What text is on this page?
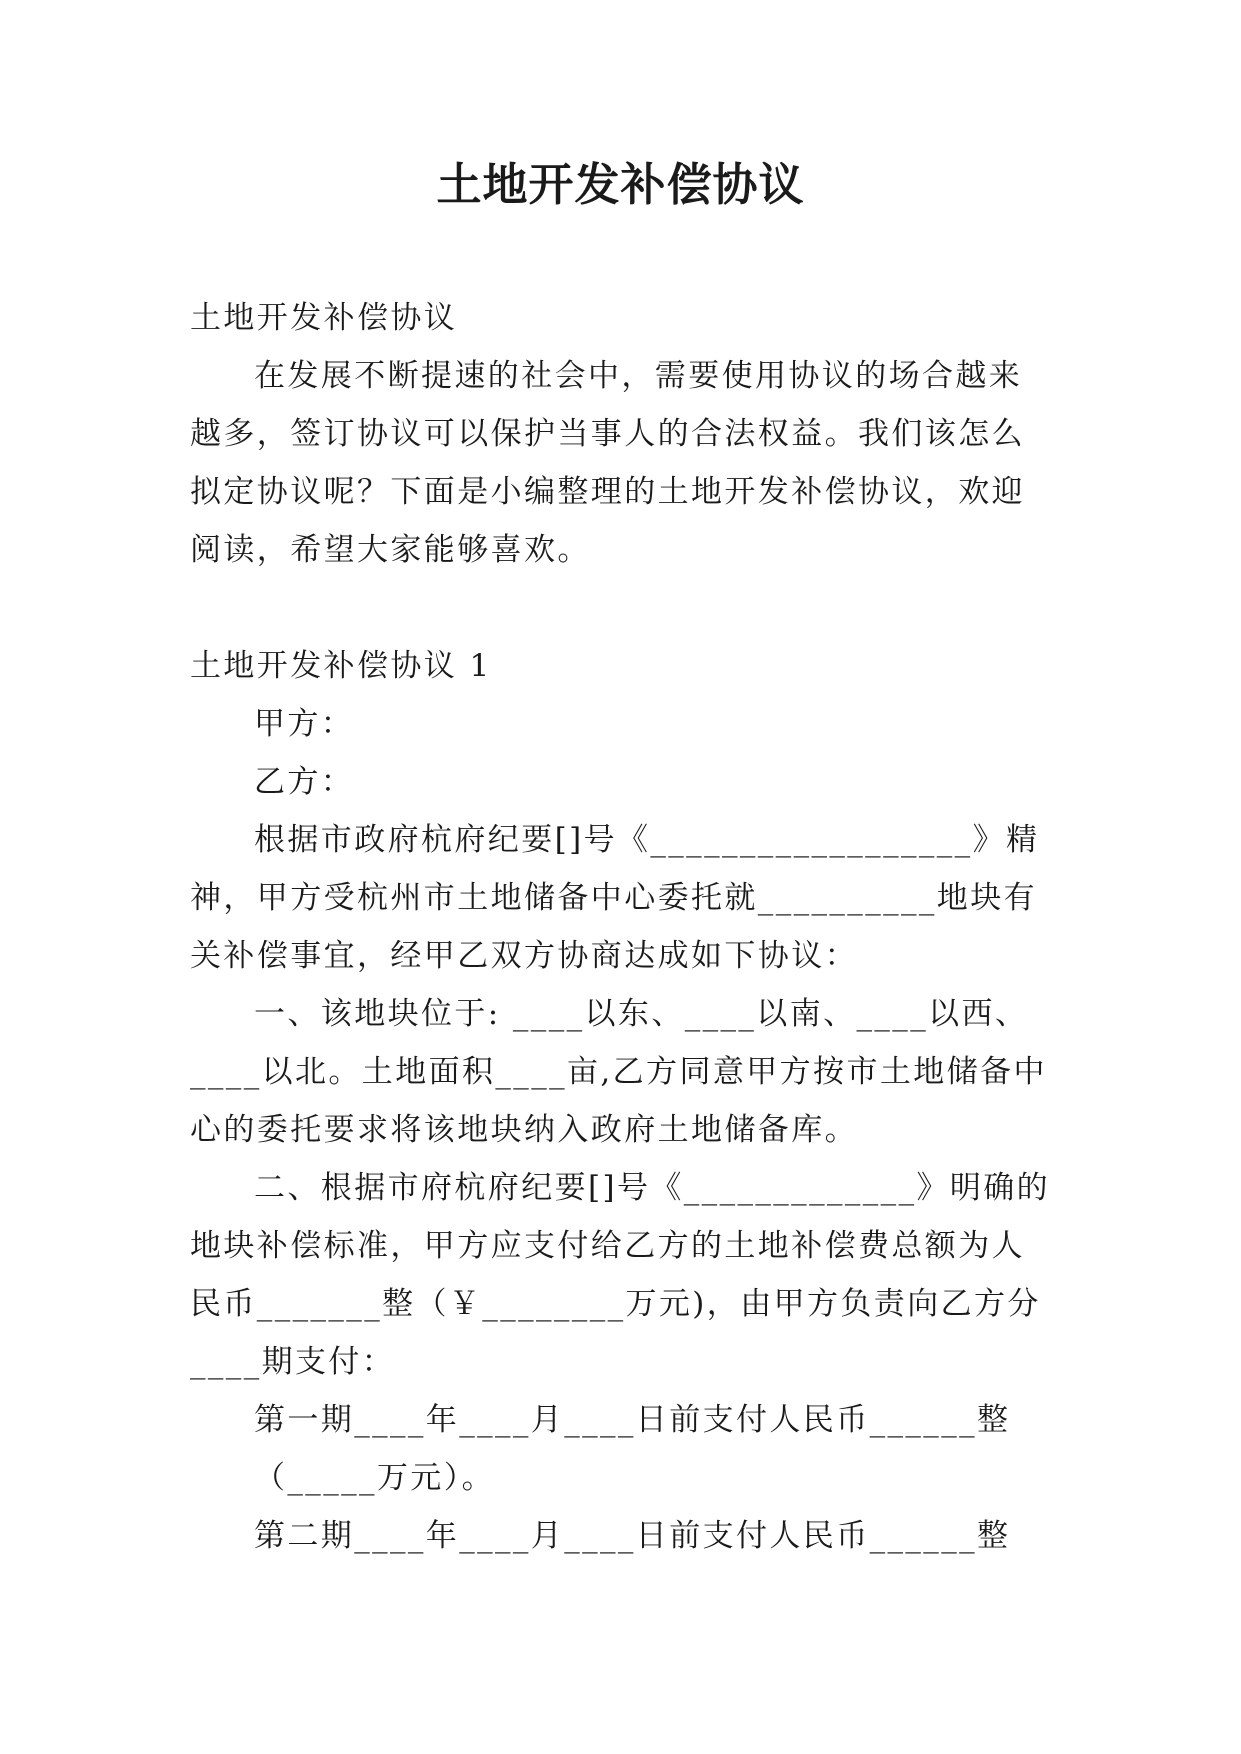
土地开发补偿协议

土地开发补偿协议

在发展不断提速的社会中，需要使用协议的场合越来越多，签订协议可以保护当事人的合法权益。我们该怎么拟定协议呢？下面是小编整理的土地开发补偿协议，欢迎阅读，希望大家能够喜欢。

土地开发补偿协议 1

甲方：

乙方：

根据市政府杭府纪要[]号《__________________》精神，甲方受杭州市土地储备中心委托就__________地块有关补偿事宜，经甲乙双方协商达成如下协议：

一、该地块位于: ____以东、____以南、____以西、____以北。土地面积____亩,乙方同意甲方按市土地储备中心的委托要求将该地块纳入政府土地储备库。

二、根据市府杭府纪要[]号《_____________》明确的地块补偿标准，甲方应支付给乙方的土地补偿费总额为人民币_______整（￥________万元)，由甲方负责向乙方分____期支付：

第一期____年____月____日前支付人民币______整

（_____万元）。

第二期____年____月____日前支付人民币______整
